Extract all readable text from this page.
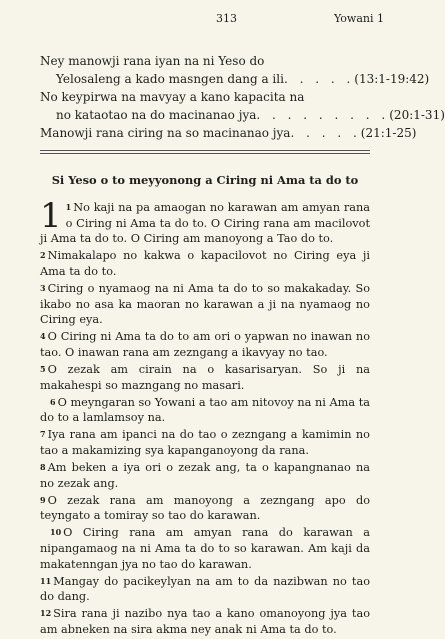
313	Yowani 1
Ney manowji rana iyan na ni Yeso do
Yelosaleng a kado masngen dang a ili . . . . . (13:1-19:42)
No keypirwa na mavyay a kano kapacita na
no kataotao na do macinanao jya . . . . . . . . . (20:1-31)
Manowji rana ciring na so macinanao jya . . . . . (21:1-25)
Si Yeso o to meyyonong a Ciring ni Ama ta do to

1 $^1$ No kaji na pa amaogan no karawan am amyan rana o Ciring ni Ama ta do to. O Ciring rana am macilovot ji Ama ta do to. O Ciring am manoyong a Tao do to.

$^2$ Nimakalapo no kakwa o kapacilovot no Ciring eya ji Ama ta do to.

$^3$ Ciring o nyamaog na ni Ama ta do to so makakaday. So ikabo no asa ka maoran no karawan a ji na nyamaog no Ciring eya.

$^4$ O Ciring ni Ama ta do to am ori o yapwan no inawan no tao. O inawan rana am zezngang a ikavyay no tao.

$^5$ O zezak am cirain na o kasarisaryan. So ji na makahespi so mazngang no masari.

$^6$ O meyngaran so Yowani a tao am nitovoy na ni Ama ta do to a lamlamsoy na.

$^7$ Iya rana am ipanci na do tao o zezngang a kamimin no tao a makamizing sya kapanganoyong da rana.

$^8$ Am beken a iya ori o zezak ang, ta o kapangnanao na no zezak ang.

$^9$ O zezak rana am manoyong a zezngang apo do teyngato a tomiray so tao do karawan.

$^{10}$ O Ciring rana am amyan rana do karawan a nipangamaog na ni Ama ta do to so karawan. Am kaji da makatenngan jya no tao do karawan.

$^{11}$ Mangay do pacikeylyan na am to da nazibwan no tao do dang.

$^{12}$ Sira rana ji nazibo nya tao a kano omanoyong jya tao am abneken na sira akma ney anak ni Ama ta do to.
